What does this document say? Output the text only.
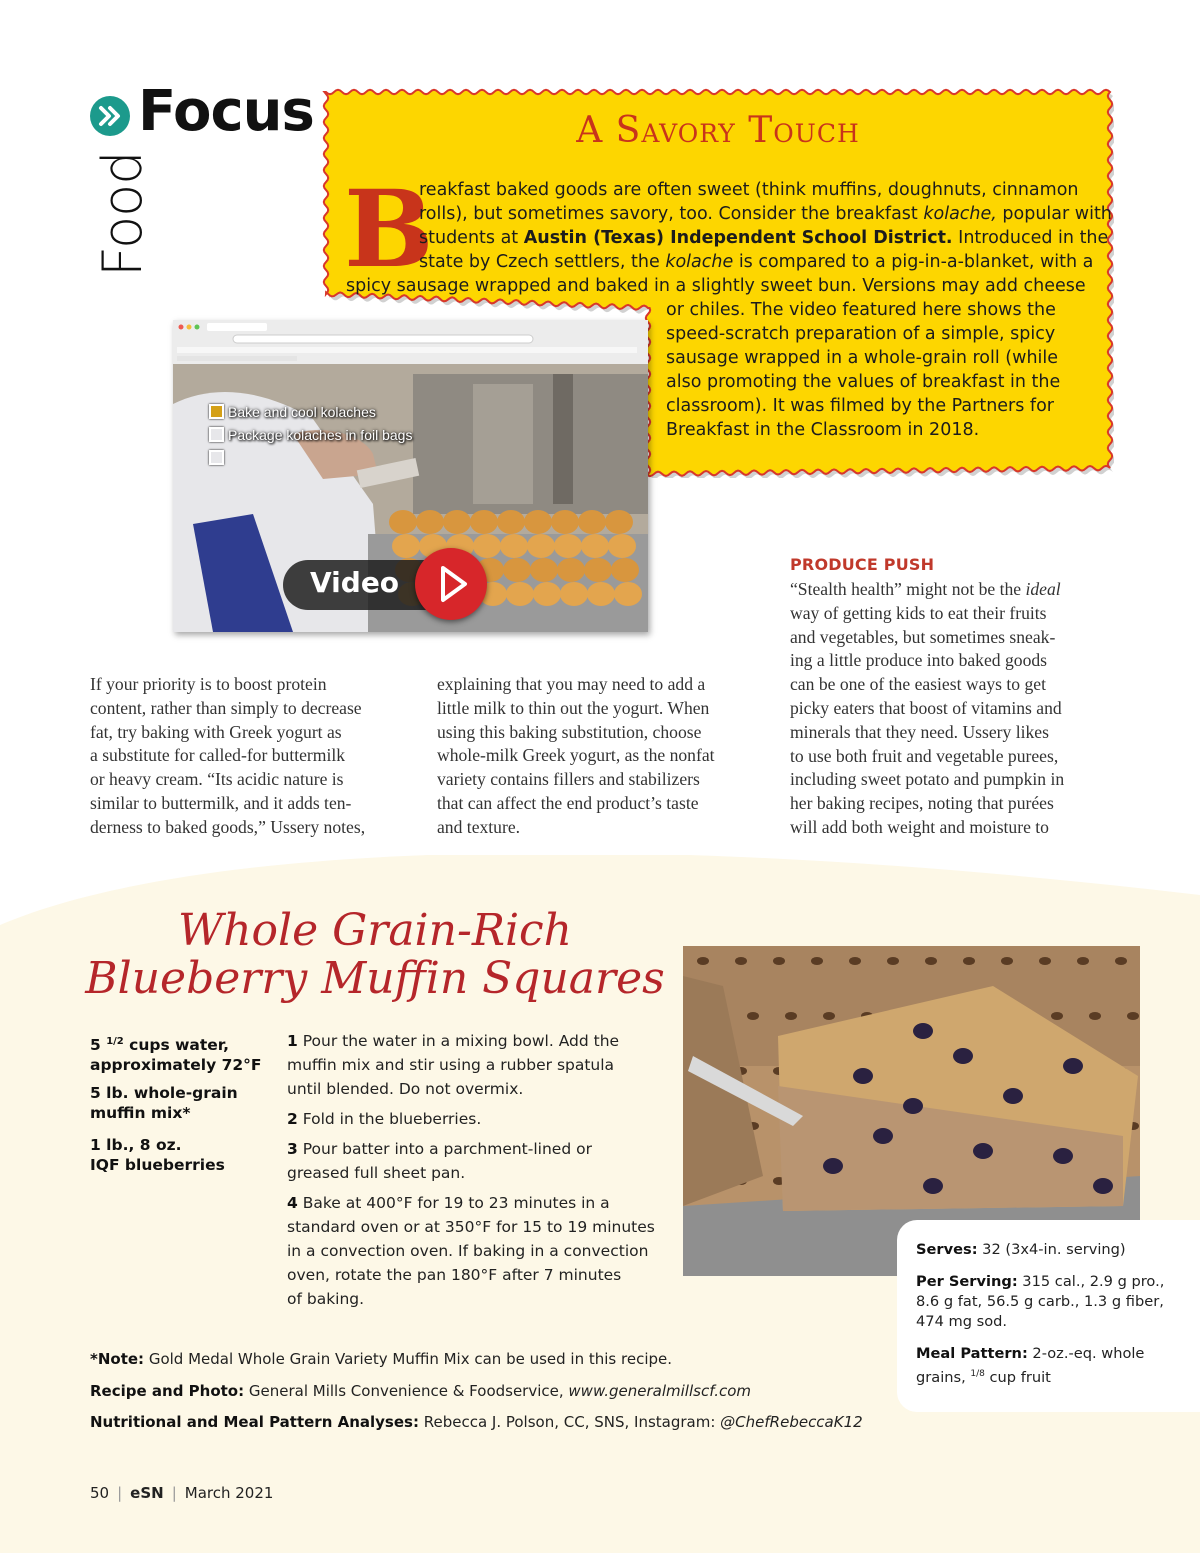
Food
Focus	A Savory Touch
B
reakfast baked goods are often sweet (think muffins, doughnuts, cinnamon
rolls), but sometimes savory, too. Consider the breakfast kolache, popular with
students at Austin (Texas) Independent School District. Introduced in the
state by Czech settlers, the kolache is compared to a pig-in-a-blanket, with a
spicy sausage wrapped and baked in a slightly sweet bun. Versions may add cheese
or chiles. The video featured here shows the
speed-scratch preparation of a simple, spicy
sausage wrapped in a whole-grain roll (while
also promoting the values of breakfast in the
classroom). It was filmed by the Partners for
Breakfast in the Classroom in 2018.
Bake and cool kolaches
Package kolaches in foil bags
Video
If your priority is to boost protein
content, rather than simply to decrease
fat, try baking with Greek yogurt as
a substitute for called-for buttermilk
or heavy cream. “Its acidic nature is
similar to buttermilk, and it adds ten-
derness to baked goods,” Ussery notes,
explaining that you may need to add a
little milk to thin out the yogurt. When
using this baking substitution, choose
whole-milk Greek yogurt, as the nonfat
variety contains fillers and stabilizers
that can affect the end product’s taste
and texture.
PRODUCE PUSH
“Stealth health” might not be the ideal
way of getting kids to eat their fruits
and vegetables, but sometimes sneak-
ing a little produce into baked goods
can be one of the easiest ways to get
picky eaters that boost of vitamins and
minerals that they need. Ussery likes
to use both fruit and vegetable purees,
including sweet potato and pumpkin in
her baking recipes, noting that purées
will add both weight and moisture to
Whole Grain-Rich
Blueberry Muffin Squares
5 $^{1/2}$ cups water,
approximately 72°F
5 lb. whole-grain
muffin mix*
1 lb., 8 oz.
IQF blueberries
1 Pour the water in a mixing bowl. Add the
muffin mix and stir using a rubber spatula
until blended. Do not overmix.
2 Fold in the blueberries.
3 Pour batter into a parchment-lined or
greased full sheet pan.
4 Bake at 400°F for 19 to 23 minutes in a
standard oven or at 350°F for 15 to 19 minutes
in a convection oven. If baking in a convection
oven, rotate the pan 180°F after 7 minutes
of baking.
Serves: 32 (3x4-in. serving)
Per Serving: 315 cal., 2.9 g pro.,
8.6 g fat, 56.5 g carb., 1.3 g fiber,
474 mg sod.
Meal Pattern: 2-oz.-eq. whole
grains, $^{1/8}$ cup fruit
*Note: Gold Medal Whole Grain Variety Muffin Mix can be used in this recipe.
Recipe and Photo: General Mills Convenience & Foodservice, www.generalmillscf.com
Nutritional and Meal Pattern Analyses: Rebecca J. Polson, CC, SNS, Instagram: @ChefRebeccaK12
50 | eSN | March 2021
